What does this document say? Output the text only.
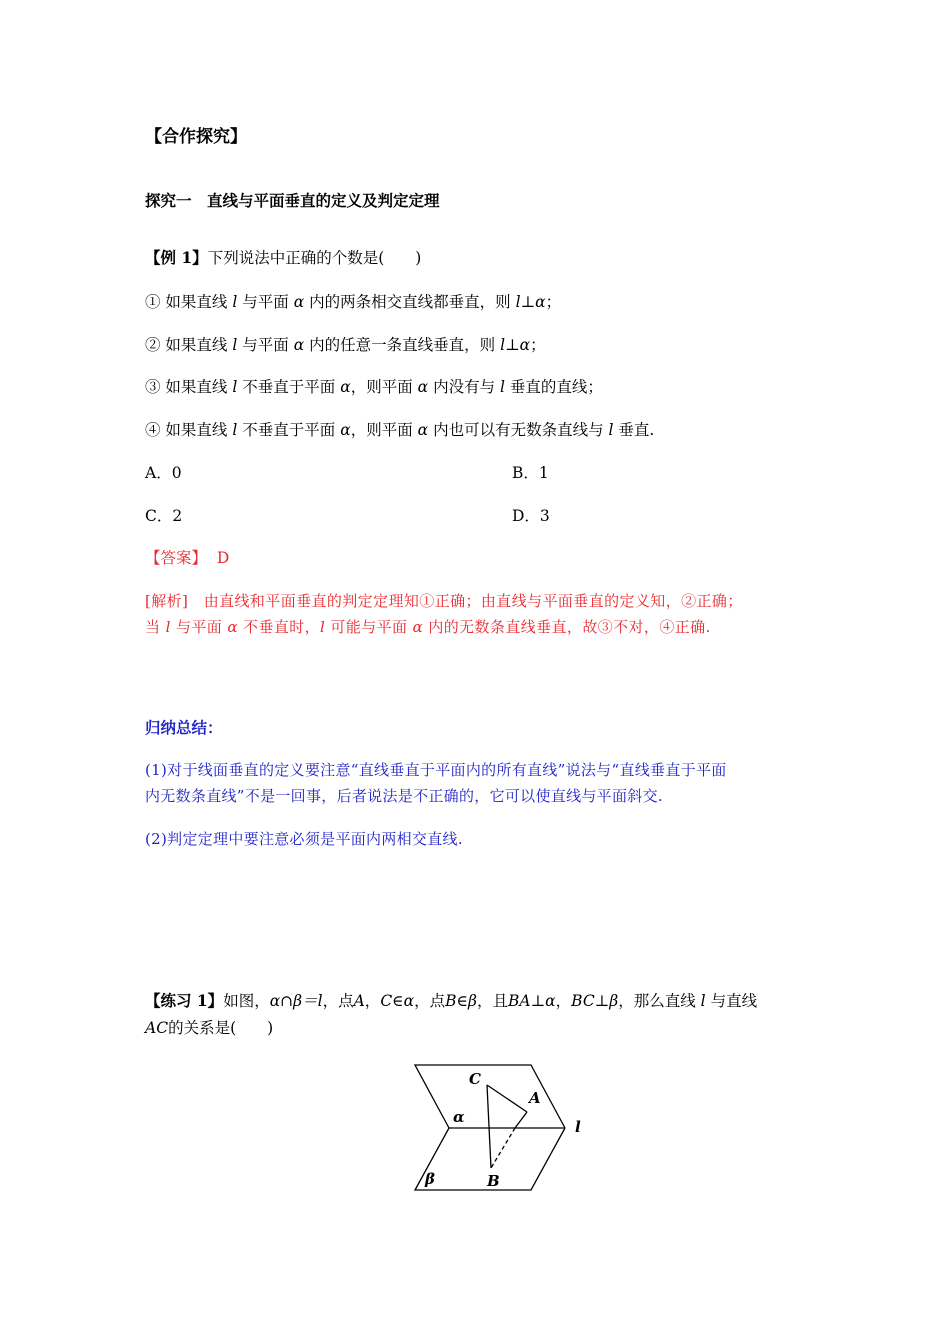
【合作探究】
探究一　直线与平面垂直的定义及判定定理
【例 1】下列说法中正确的个数是(　　)
① 如果直线 l 与平面 α 内的两条相交直线都垂直，则 l⊥α；
② 如果直线 l 与平面 α 内的任意一条直线垂直，则 l⊥α；
③ 如果直线 l 不垂直于平面 α，则平面 α 内没有与 l 垂直的直线；
④ 如果直线 l 不垂直于平面 α，则平面 α 内也可以有无数条直线与 l 垂直.
A．0	B．1
C．2	D．3
【答案】 D
[解析]　由直线和平面垂直的判定定理知①正确；由直线与平面垂直的定义知，②正确；
当 l 与平面 α 不垂直时，l 可能与平面 α 内的无数条直线垂直，故③不对，④正确.
归纳总结：
(1)对于线面垂直的定义要注意“直线垂直于平面内的所有直线”说法与“直线垂直于平面
内无数条直线”不是一回事，后者说法是不正确的，它可以使直线与平面斜交.
(2)判定定理中要注意必须是平面内两相交直线.
【练习 1】如图，α∩β＝l，点A，C∈α，点B∈β，且BA⊥α，BC⊥β，那么直线 l 与直线
AC的关系是(　　)
C
A
α
l
β	B
